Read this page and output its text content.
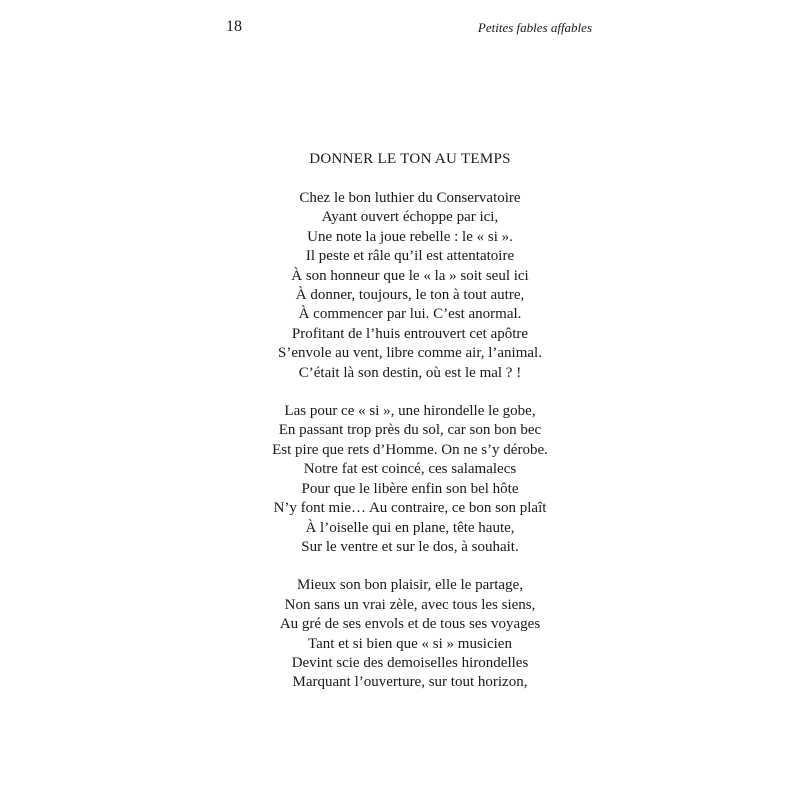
18	Petites fables affables
DONNER LE TON AU TEMPS
Chez le bon luthier du Conservatoire
Ayant ouvert échoppe par ici,
Une note la joue rebelle : le « si ».
Il peste et râle qu’il est attentatoire
À son honneur que le « la » soit seul ici
À donner, toujours, le ton à tout autre,
À commencer par lui. C’est anormal.
Profitant de l’huis entrouvert cet apôtre
S’envole au vent, libre comme air, l’animal.
C’était là son destin, où est le mal ? !
Las pour ce « si », une hirondelle le gobe,
En passant trop près du sol, car son bon bec
Est pire que rets d’Homme. On ne s’y dérobe.
Notre fat est coincé, ces salamalecs
Pour que le libère enfin son bel hôte
N’y font mie… Au contraire, ce bon son plaît
À l’oiselle qui en plane, tête haute,
Sur le ventre et sur le dos, à souhait.
Mieux son bon plaisir, elle le partage,
Non sans un vrai zèle, avec tous les siens,
Au gré de ses envols et de tous ses voyages
Tant et si bien que « si » musicien
Devint scie des demoiselles hirondelles
Marquant l’ouverture, sur tout horizon,
